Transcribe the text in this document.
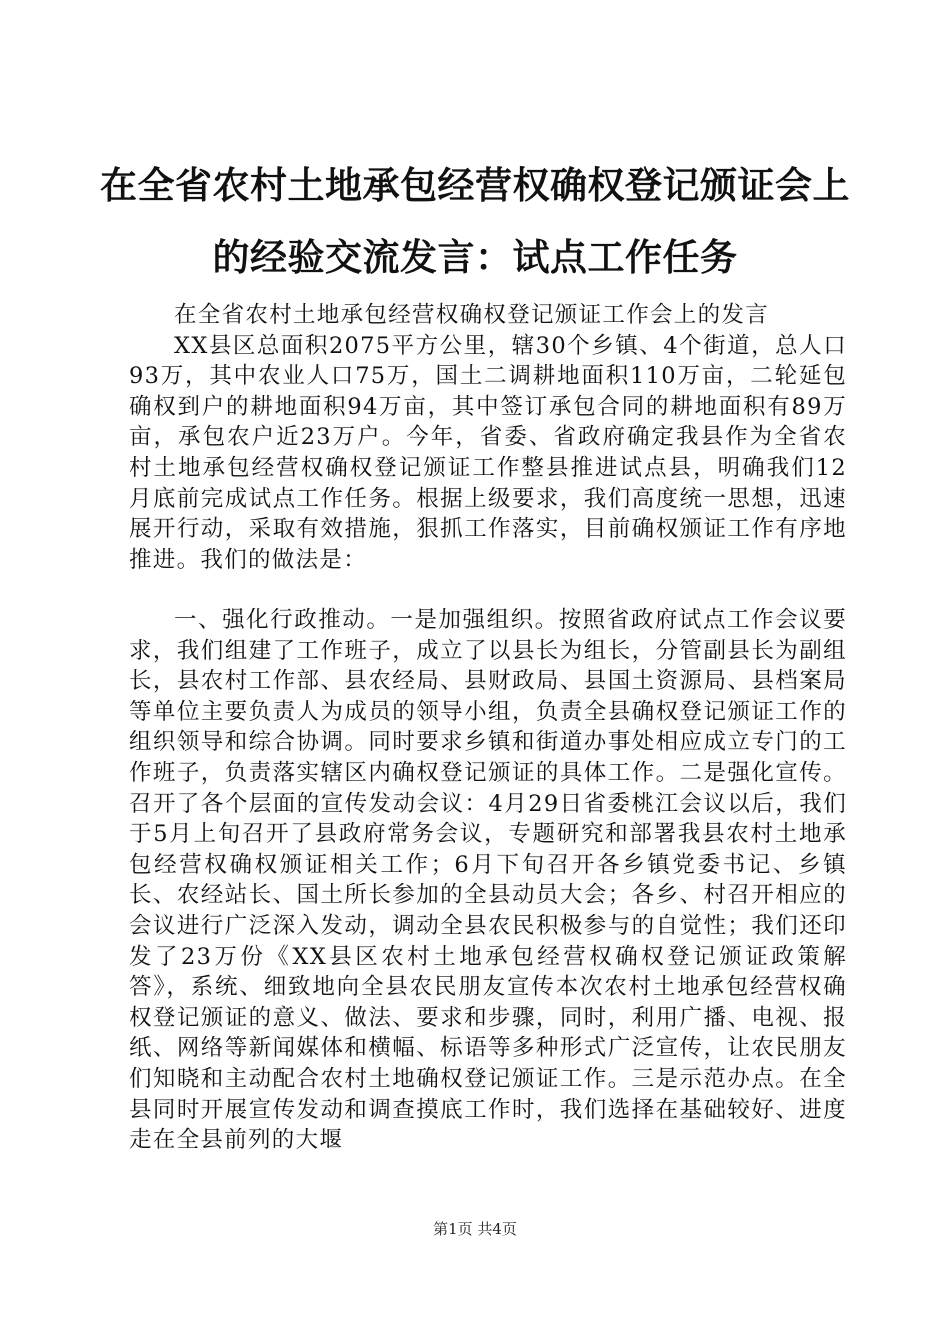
在全省农村土地承包经营权确权登记颁证会上
的经验交流发言：试点工作任务

在全省农村土地承包经营权确权登记颁证工作会上的发言

XX县区总面积2075平方公里，辖30个乡镇、4个街道，总人口93万，其中农业人口75万，国土二调耕地面积110万亩，二轮延包确权到户的耕地面积94万亩，其中签订承包合同的耕地面积有89万亩，承包农户近23万户。今年，省委、省政府确定我县作为全省农村土地承包经营权确权登记颁证工作整县推进试点县，明确我们12月底前完成试点工作任务。根据上级要求，我们高度统一思想，迅速展开行动，采取有效措施，狠抓工作落实，目前确权颁证工作有序地推进。我们的做法是：

一、强化行政推动。一是加强组织。按照省政府试点工作会议要求，我们组建了工作班子，成立了以县长为组长，分管副县长为副组长，县农村工作部、县农经局、县财政局、县国土资源局、县档案局等单位主要负责人为成员的领导小组，负责全县确权登记颁证工作的组织领导和综合协调。同时要求乡镇和街道办事处相应成立专门的工作班子，负责落实辖区内确权登记颁证的具体工作。二是强化宣传。召开了各个层面的宣传发动会议：4月29日省委桃江会议以后，我们于5月上旬召开了县政府常务会议，专题研究和部署我县农村土地承包经营权确权颁证相关工作；6月下旬召开各乡镇党委书记、乡镇长、农经站长、国土所长参加的全县动员大会；各乡、村召开相应的会议进行广泛深入发动，调动全县农民积极参与的自觉性；我们还印发了23万份《XX县区农村土地承包经营权确权登记颁证政策解答》，系统、细致地向全县农民朋友宣传本次农村土地承包经营权确权登记颁证的意义、做法、要求和步骤，同时，利用广播、电视、报纸、网络等新闻媒体和横幅、标语等多种形式广泛宣传，让农民朋友们知晓和主动配合农村土地确权登记颁证工作。三是示范办点。在全县同时开展宣传发动和调查摸底工作时，我们选择在基础较好、进度走在全县前列的大堰

第1页 共4页
